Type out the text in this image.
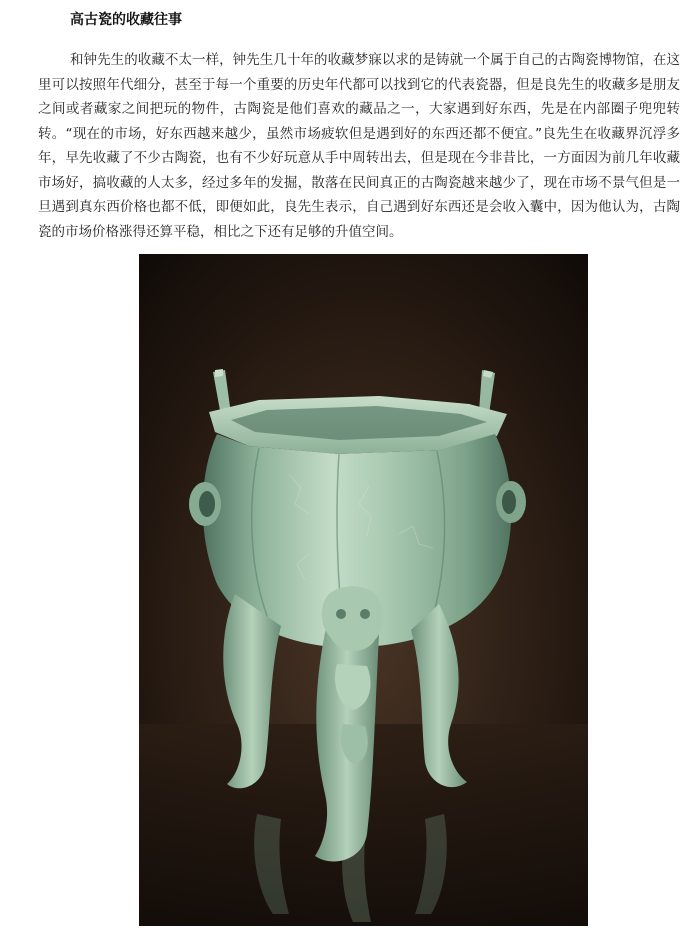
高古瓷的收藏往事

和钟先生的收藏不太一样，钟先生几十年的收藏梦寐以求的是铸就一个属于自己的古陶瓷博物馆，在这里可以按照年代细分，甚至于每一个重要的历史年代都可以找到它的代表瓷器，但是良先生的收藏多是朋友之间或者藏家之间把玩的物件，古陶瓷是他们喜欢的藏品之一，大家遇到好东西，先是在内部圈子兜兜转转。“现在的市场，好东西越来越少，虽然市场疲软但是遇到好的东西还都不便宜。”良先生在收藏界沉浮多年，早先收藏了不少古陶瓷，也有不少好玩意从手中周转出去，但是现在今非昔比，一方面因为前几年收藏市场好，搞收藏的人太多，经过多年的发掘，散落在民间真正的古陶瓷越来越少了，现在市场不景气但是一旦遇到真东西价格也都不低，即便如此，良先生表示，自己遇到好东西还是会收入囊中，因为他认为，古陶瓷的市场价格涨得还算平稳，相比之下还有足够的升值空间。
